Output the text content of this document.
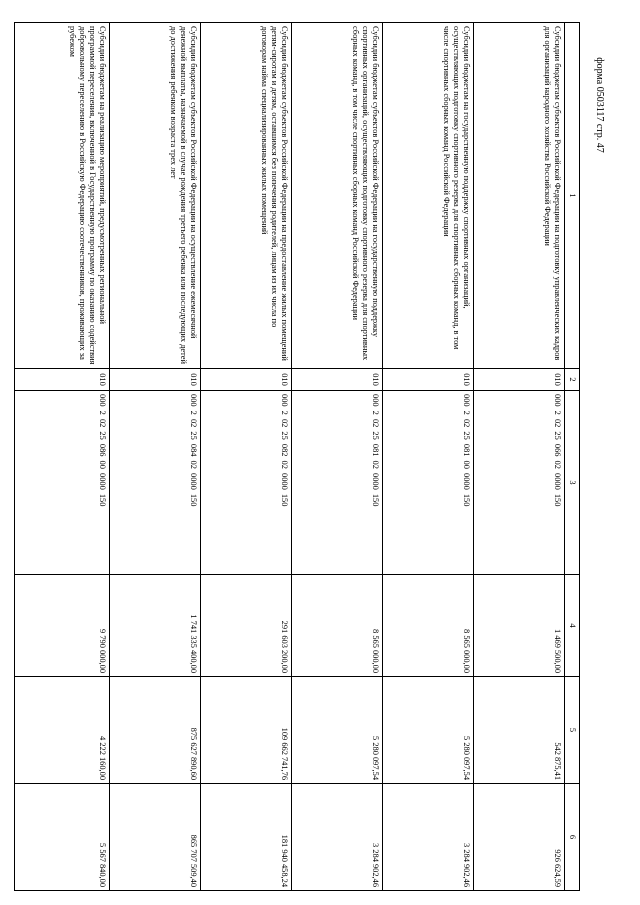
форма 0503117 стр. 47
1	2	3	4	5	6
Субсидии бюджетам субъектов Российской Федерации на подготовку управленческих кадров для организаций народного хозяйства Российской Федерации	010	000 2 02 25 066 02 0000 150	1 469 500,00	542 875,41	926 624,59
Субсидии бюджетам на государственную поддержку спортивных организаций, осуществляющих подготовку спортивного резерва для спортивных сборных команд, в том числе спортивных сборных команд Российской Федерации	010	000 2 02 25 081 00 0000 150	8 565 000,00	5 280 097,54	3 284 902,46
Субсидии бюджетам субъектов Российской Федерации на государственную поддержку спортивных организаций, осуществляющих подготовку спортивного резерва для спортивных сборных команд, в том числе спортивных сборных команд Российской Федерации	010	000 2 02 25 081 02 0000 150	8 565 000,00	5 280 097,54	3 284 902,46
Субсидии бюджетам субъектов Российской Федерации на предоставление жилых помещений детям-сиротам и детям, оставшимся без попечения родителей, лицам из их числа по договорам найма специализированных жилых помещений	010	000 2 02 25 082 02 0000 150	291 603 200,00	109 662 741,76	181 940 458,24
Субсидии бюджетам субъектов Российской Федерации на осуществление ежемесячной денежной выплаты, назначаемой в случае рождения третьего ребенка или последующих детей до достижения ребенком возраста трех лет	010	000 2 02 25 084 02 0000 150	1 741 335 400,00	875 627 890,60	865 707 509,40
Субсидии бюджетам на реализацию мероприятий, предусмотренных региональной программой переселения, включенной в Государственную программу по оказанию содействия добровольному переселению в Российскую Федерацию соотечественников, проживающих за рубежом	010	000 2 02 25 086 00 0000 150	9 790 000,00	4 222 160,00	5 567 840,00
